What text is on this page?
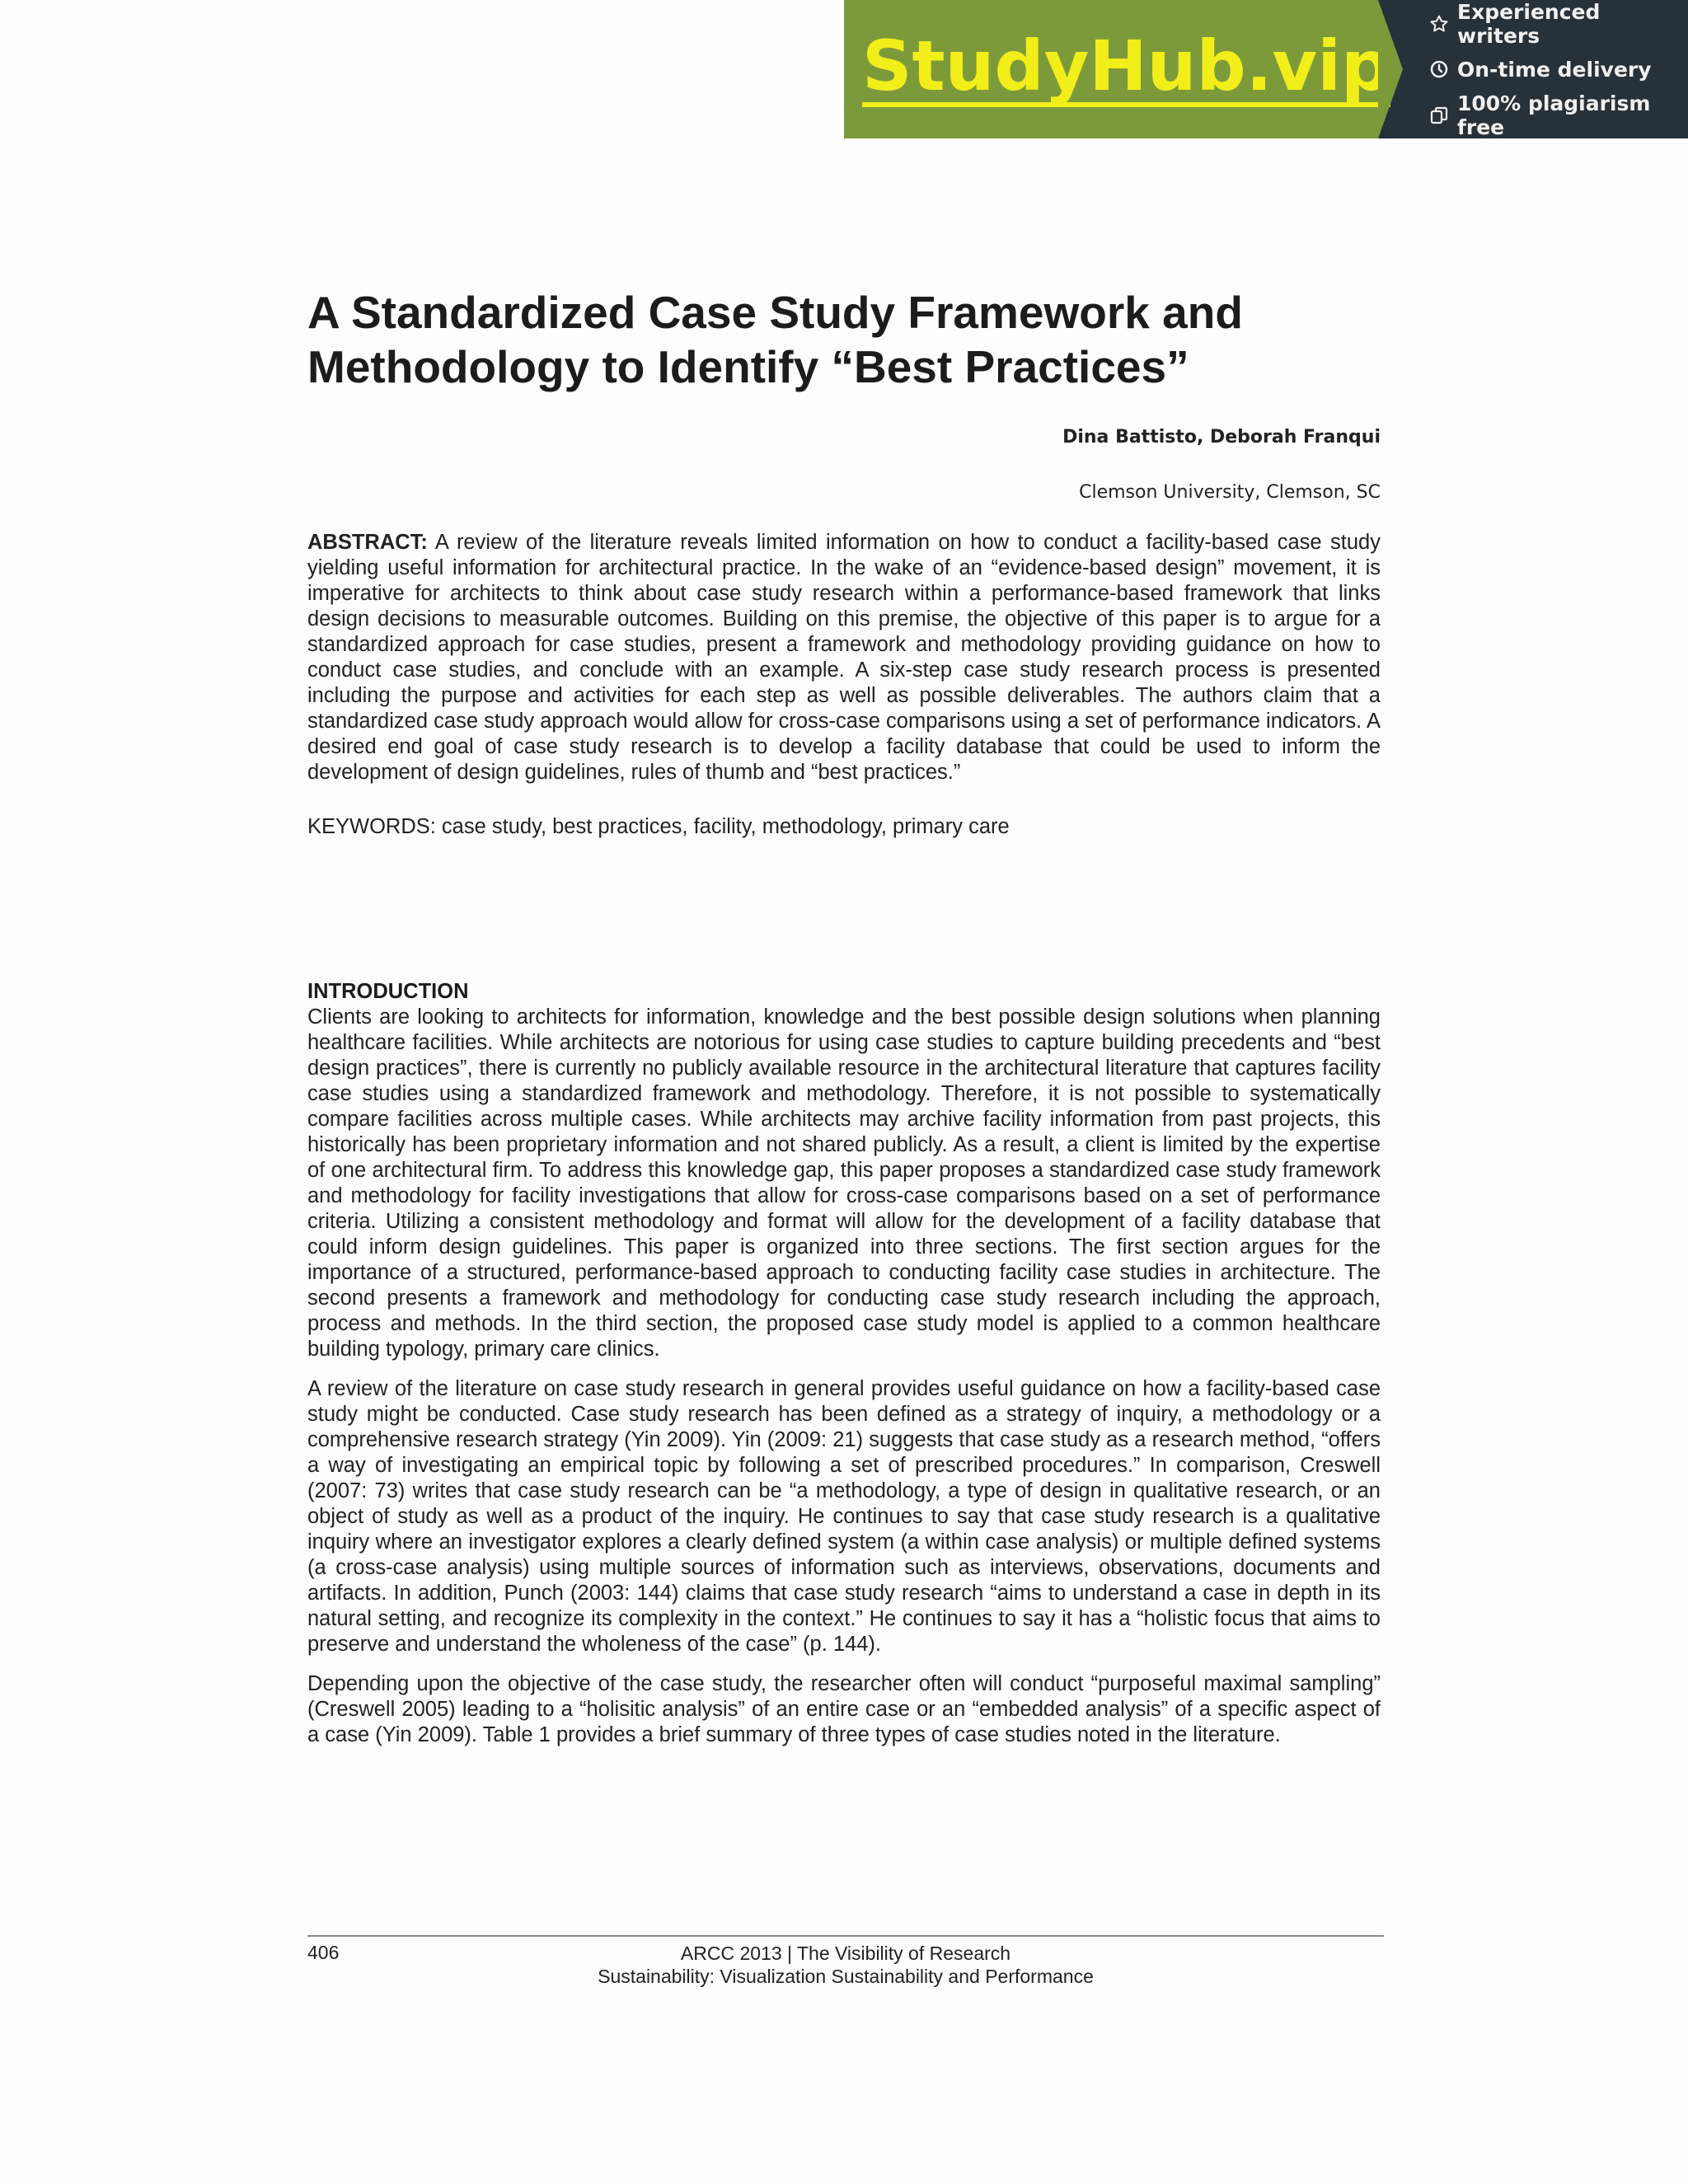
StudyHub.vip
Experienced writers
On-time delivery
100% plagiarism free
A Standardized Case Study Framework and
Methodology to Identify “Best Practices”
Dina Battisto, Deborah Franqui
Clemson University, Clemson, SC

ABSTRACT: A review of the literature reveals limited information on how to conduct a facility-based case study yielding useful information for architectural practice. In the wake of an “evidence-based design” movement, it is imperative for architects to think about case study research within a performance-based framework that links design decisions to measurable outcomes. Building on this premise, the objective of this paper is to argue for a standardized approach for case studies, present a framework and methodology providing guidance on how to conduct case studies, and conclude with an example. A six-step case study research process is presented including the purpose and activities for each step as well as possible deliverables. The authors claim that a standardized case study approach would allow for cross-case comparisons using a set of performance indicators. A desired end goal of case study research is to develop a facility database that could be used to inform the development of design guidelines, rules of thumb and “best practices.”

KEYWORDS: case study, best practices, facility, methodology, primary care

INTRODUCTION

Clients are looking to architects for information, knowledge and the best possible design solutions when planning healthcare facilities. While architects are notorious for using case studies to capture building precedents and “best design practices”, there is currently no publicly available resource in the architectural literature that captures facility case studies using a standardized framework and methodology. Therefore, it is not possible to systematically compare facilities across multiple cases. While architects may archive facility information from past projects, this historically has been proprietary information and not shared publicly. As a result, a client is limited by the expertise of one architectural firm. To address this knowledge gap, this paper proposes a standardized case study framework and methodology for facility investigations that allow for cross-case comparisons based on a set of performance criteria. Utilizing a consistent methodology and format will allow for the development of a facility database that could inform design guidelines. This paper is organized into three sections. The first section argues for the importance of a structured, performance-based approach to conducting facility case studies in architecture. The second presents a framework and methodology for conducting case study research including the approach, process and methods. In the third section, the proposed case study model is applied to a common healthcare building typology, primary care clinics.

A review of the literature on case study research in general provides useful guidance on how a facility-based case study might be conducted. Case study research has been defined as a strategy of inquiry, a methodology or a comprehensive research strategy (Yin 2009). Yin (2009: 21) suggests that case study as a research method, “offers a way of investigating an empirical topic by following a set of prescribed procedures.” In comparison, Creswell (2007: 73) writes that case study research can be “a methodology, a type of design in qualitative research, or an object of study as well as a product of the inquiry. He continues to say that case study research is a qualitative inquiry where an investigator explores a clearly defined system (a within case analysis) or multiple defined systems (a cross-case analysis) using multiple sources of information such as interviews, observations, documents and artifacts. In addition, Punch (2003: 144) claims that case study research “aims to understand a case in depth in its natural setting, and recognize its complexity in the context.” He continues to say it has a “holistic focus that aims to preserve and understand the wholeness of the case” (p. 144).

Depending upon the objective of the case study, the researcher often will conduct “purposeful maximal sampling” (Creswell 2005) leading to a “holisitic analysis” of an entire case or an “embedded analysis” of a specific aspect of a case (Yin 2009). Table 1 provides a brief summary of three types of case studies noted in the literature.

406	ARCC 2013 | The Visibility of Research
Sustainability: Visualization Sustainability and Performance
